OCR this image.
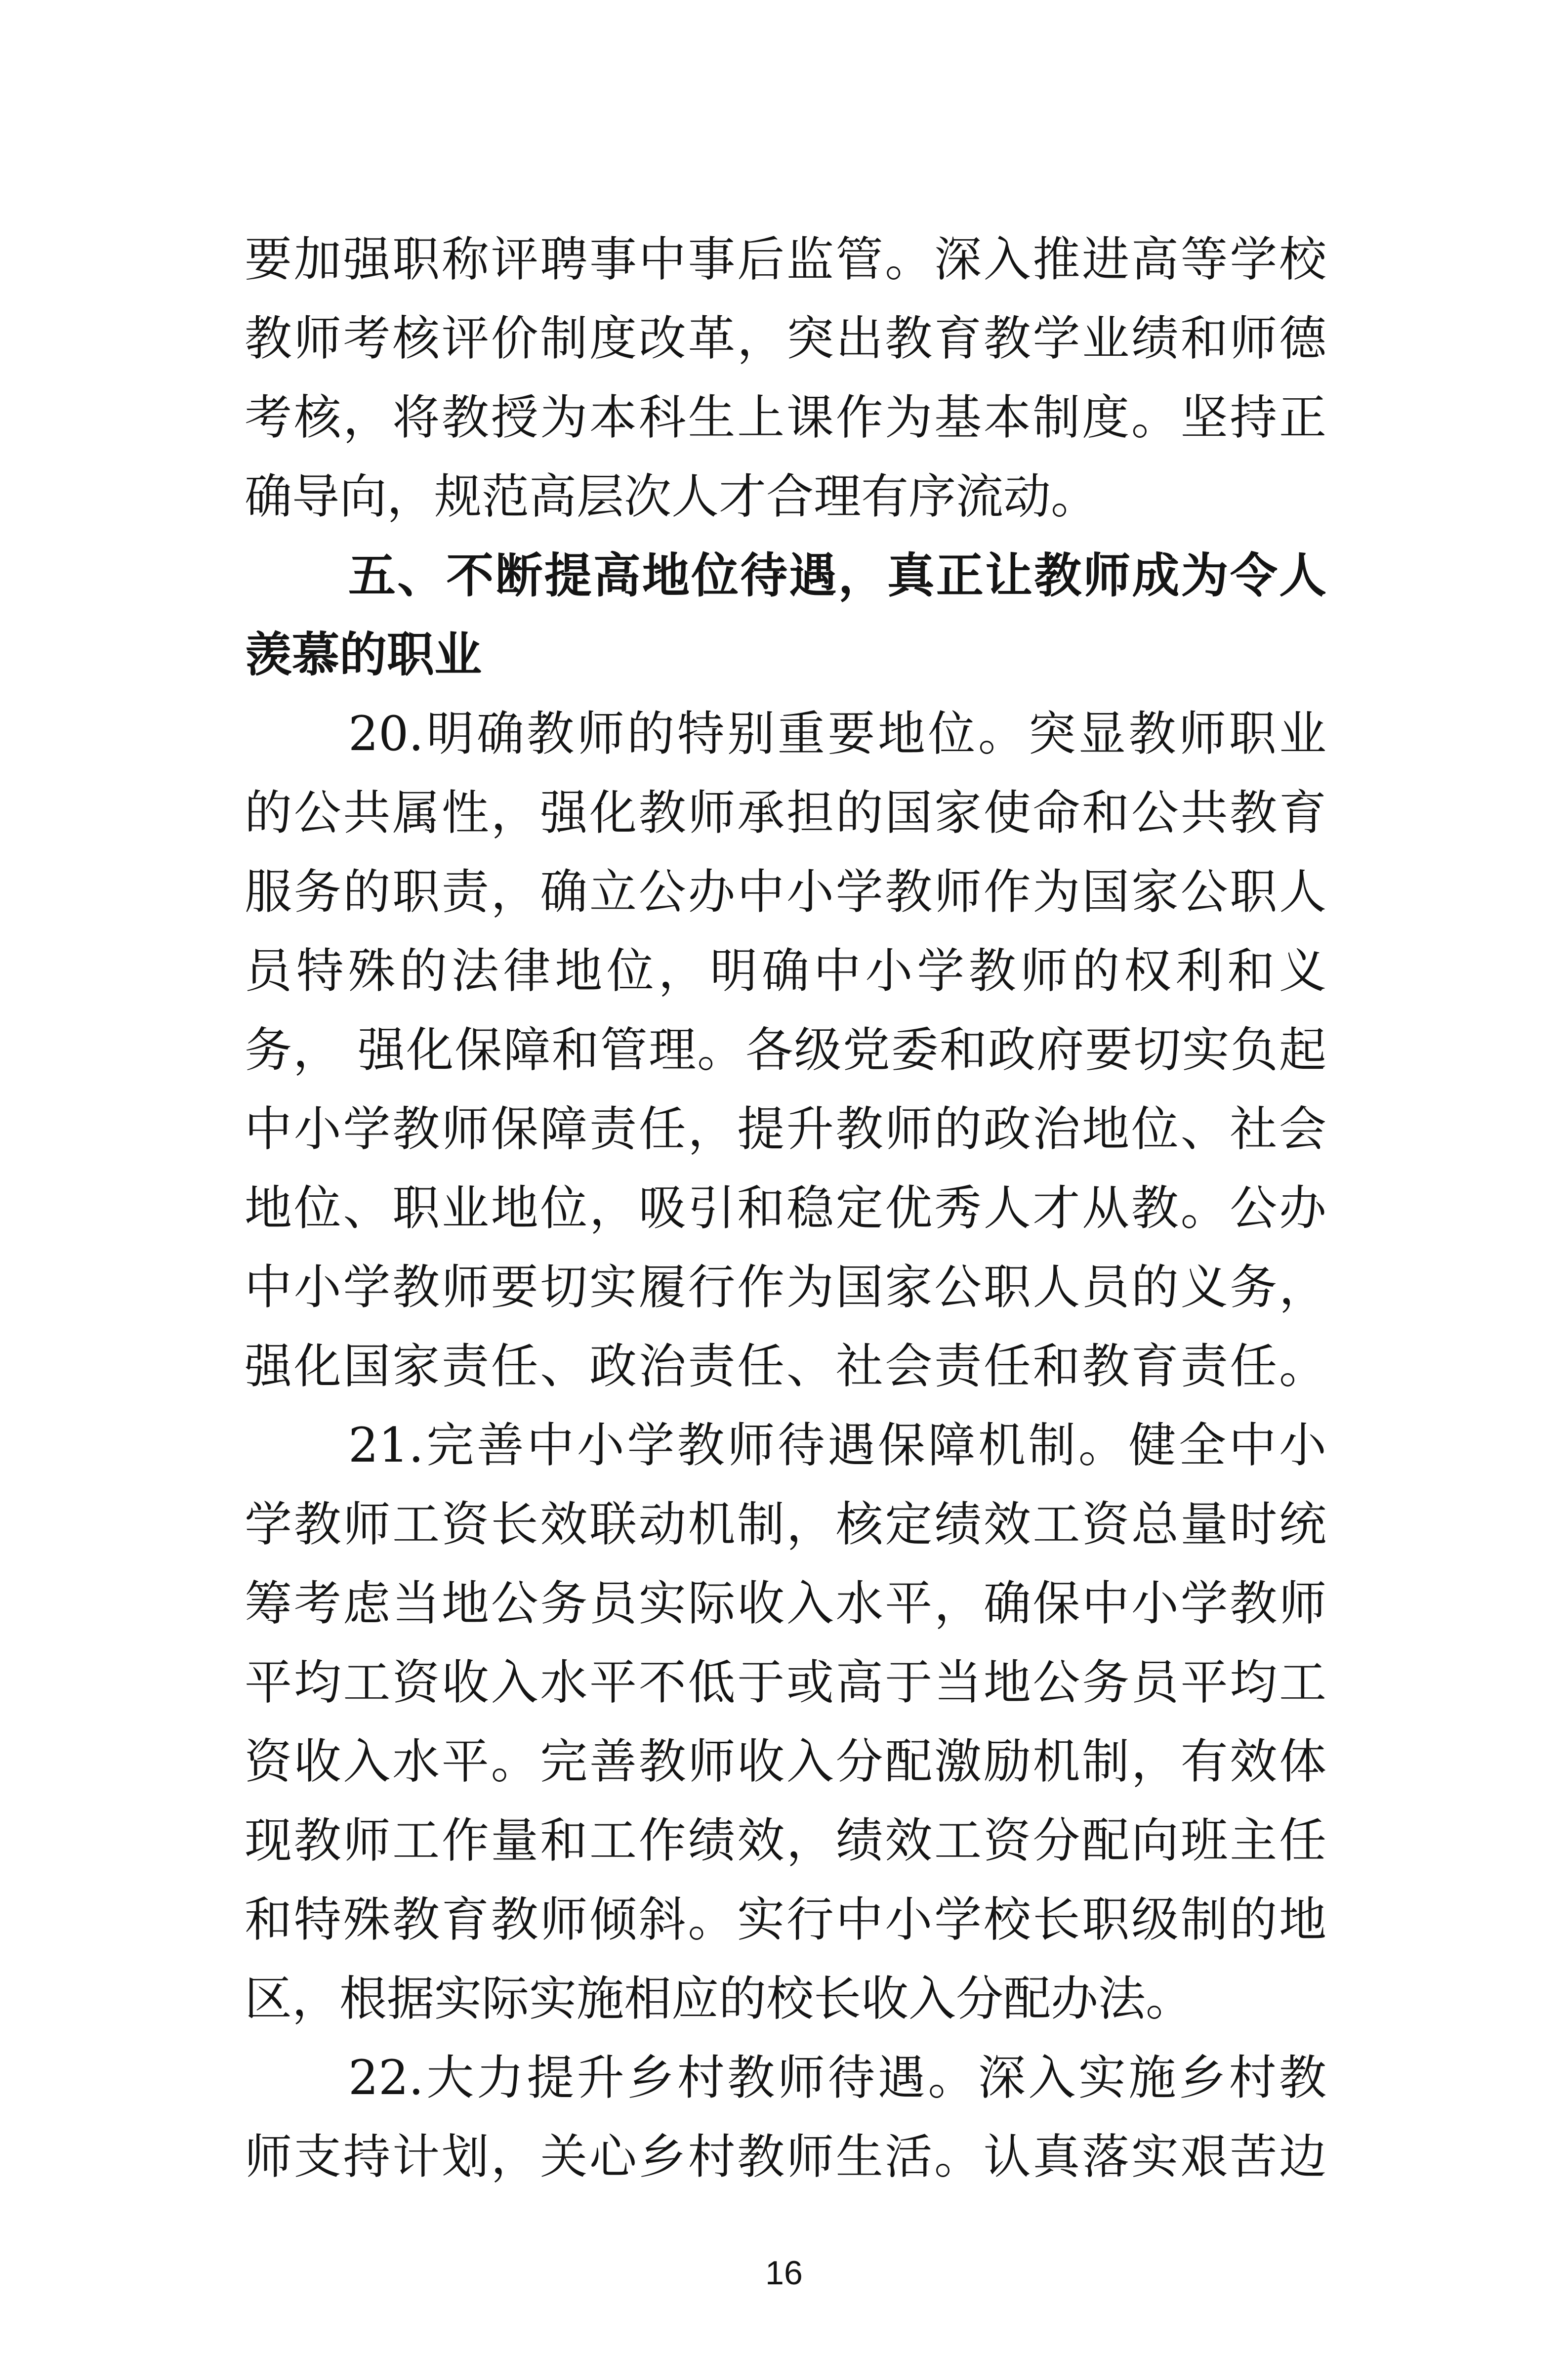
要加强职称评聘事中事后监管。深入推进高等学校
教师考核评价制度改革，突出教育教学业绩和师德
考核，将教授为本科生上课作为基本制度。坚持正
确导向，规范高层次人才合理有序流动。
五、不断提高地位待遇，真正让教师成为令人
羡慕的职业
20.明确教师的特别重要地位。突显教师职业
的公共属性，强化教师承担的国家使命和公共教育
服务的职责，确立公办中小学教师作为国家公职人
员特殊的法律地位，明确中小学教师的权利和义
务， 强化保障和管理。各级党委和政府要切实负起
中小学教师保障责任，提升教师的政治地位、社会
地位、职业地位，吸引和稳定优秀人才从教。公办
中小学教师要切实履行作为国家公职人员的义务，
强化国家责任、政治责任、社会责任和教育责任。
21.完善中小学教师待遇保障机制。健全中小
学教师工资长效联动机制，核定绩效工资总量时统
筹考虑当地公务员实际收入水平，确保中小学教师
平均工资收入水平不低于或高于当地公务员平均工
资收入水平。完善教师收入分配激励机制，有效体
现教师工作量和工作绩效，绩效工资分配向班主任
和特殊教育教师倾斜。实行中小学校长职级制的地
区，根据实际实施相应的校长收入分配办法。
22.大力提升乡村教师待遇。深入实施乡村教
师支持计划，关心乡村教师生活。认真落实艰苦边
16
